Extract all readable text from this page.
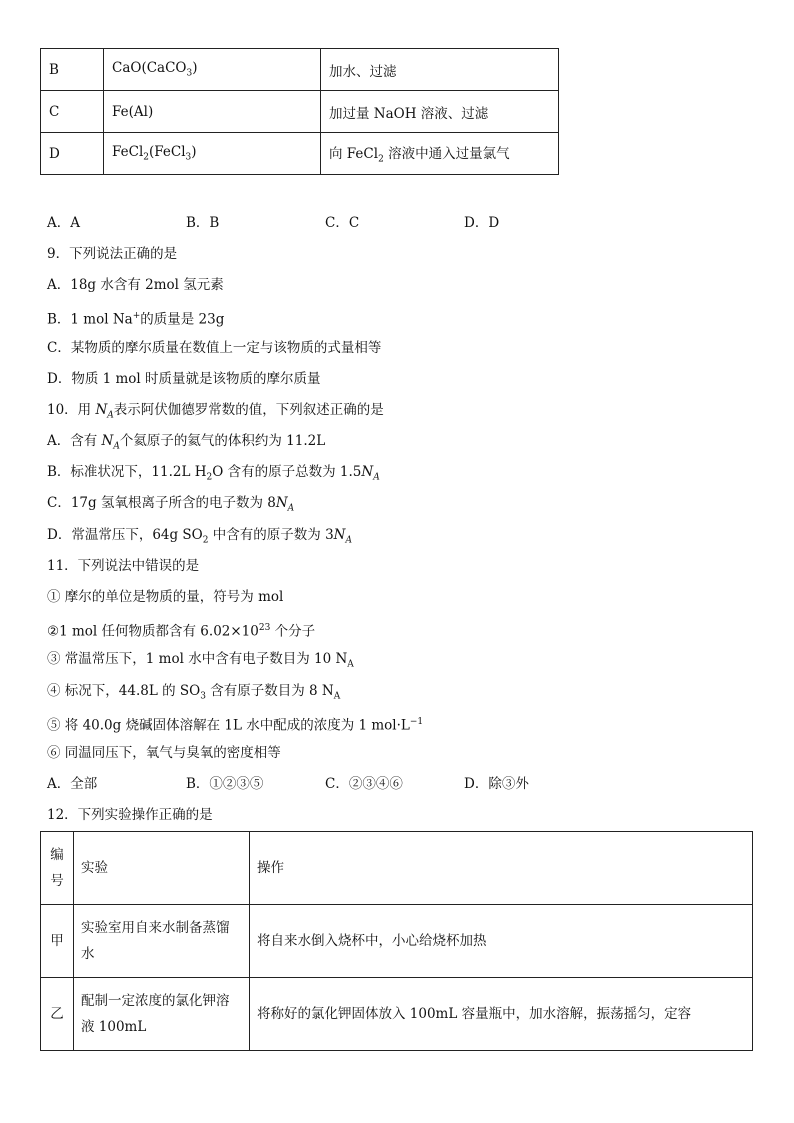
B	CaO(CaCO$_3$)	加水、过滤
C	Fe(Al)	加过量 NaOH 溶液、过滤
D	FeCl$_2$(FeCl$_3$)	向 FeCl$_2$ 溶液中通入过量氯气
A．A	B．B	C．C	D．D
9．下列说法正确的是
A．18g 水含有 2mol 氢元素
B．1 mol Na+的质量是 23g
C．某物质的摩尔质量在数值上一定与该物质的式量相等
D．物质 1 mol 时质量就是该物质的摩尔质量
10．用 $N_A$表示阿伏伽德罗常数的值，下列叙述正确的是
A．含有 $N_A$个氦原子的氦气的体积约为 11.2L
B．标准状况下，11.2L $H_2O$ 含有的原子总数为 $1.5N_A$
C．17g 氢氧根离子所含的电子数为 $8N_A$
D．常温常压下，64g $SO_2$ 中含有的原子数为 $3N_A$
11．下列说法中错误的是
① 摩尔的单位是物质的量，符号为 mol
②1 mol 任何物质都含有 $6.02\times 10^{23}$ 个分子
③ 常温常压下，1 mol 水中含有电子数目为 10 $N_A$
④ 标况下，44.8L 的 $SO_3$ 含有原子数目为 8 $N_A$
⑤ 将 40.0g 烧碱固体溶解在 1L 水中配成的浓度为 1 $mol\cdot L^{-1}$
⑥ 同温同压下，氧气与臭氧的密度相等
A．全部	B．①②③⑤	C．②③④⑥	D．除③外
12．下列实验操作正确的是
编号	实验	操作
甲	实验室用自来水制备蒸馏水	将自来水倒入烧杯中，小心给烧杯加热
乙	配制一定浓度的氯化钾溶液 100mL	将称好的氯化钾固体放入 100mL 容量瓶中，加水溶解，振荡摇匀，定容
